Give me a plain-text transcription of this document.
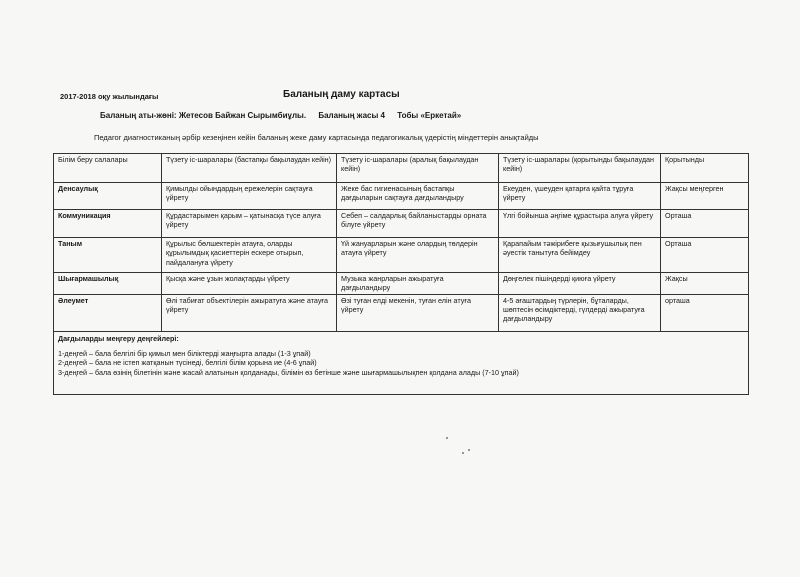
2017-2018 оқу жылындағы	Баланың даму картасы
Баланың аты-жөні: Жетесов Байжан Сырымбиұлы. Баланың жасы 4 Тобы «Еркетай»
Педагог диагностиканың әрбір кезеңінен кейін баланың жеке даму картасында педагогикалық үдерістің міндеттерін анықтайды
Білім беру салалары	Түзету іс-шаралары (бастапқы бақылаудан кейін)	Түзету іс-шаралары (аралық бақылаудан кейін)	Түзету іс-шаралары (қорытынды бақылаудан кейін)	Қорытынды
Денсаулық	Қимылды ойындардың ережелерін сақтауға үйрету	Жеке бас гигиенасының бастапқы дағдыларын сақтауға дағдыландыру	Екеуден, үшеуден қатарға қайта тұруға үйрету	Жақсы меңгерген
Коммуникация	Құрдастарымен қарым – қатынасқа түсе алуға үйрету	Себеп – салдарлық байланыстарды орната білуге үйрету	Үлгі бойынша әңгіме құрастыра алуға үйрету	Орташа
Таным	Құрылыс бөлшектерін атауға, оларды құрылымдық қасиеттерін ескере отырып, пайдалануға үйрету	Үй жануарларын және олардың төлдерін атауға үйрету	Қарапайым тәжірибеге қызығушылық пен әуестік танытуға бейімдеу	Орташа
Шығармашылық	Қысқа және ұзын жолақтарды үйрету	Музыка жанрларын ажыратуға дағдыландыру	Дөңгелек пішіндерді қиюға үйрету	Жақсы
Әлеумет	Өлі табиғат объектілерін ажыратуға және атауға үйрету	Өзі туған елді мекенін, туған елін атуға үйрету	4-5 ағаштардың түрлерін, бұталарды, шөптесін өсімдіктерді, гүлдерді ажыратуға дағдыландыру	орташа

Дағдыларды меңгеру деңгейлері:

1-деңгей – бала белгілі бір қимыл мен біліктерді жаңғырта алады (1-3 ұпай)

2-деңгей – бала не істеп жатқанын түсінеді, белгілі білім қорына ие (4-6 ұпай)

3-деңгей – бала өзінің білетінін және жасай алатынын қолданады, білімін өз бетінше және шығармашылықпен қолдана алады (7-10 ұпай)				
